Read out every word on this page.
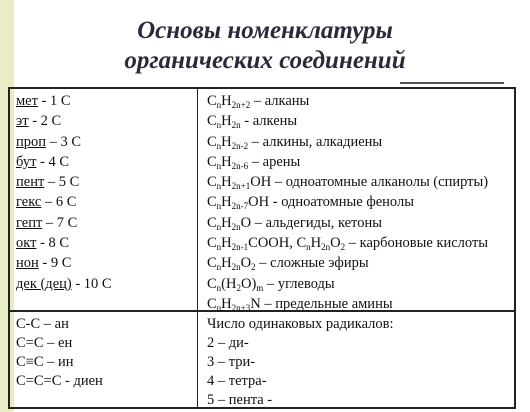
Основы номенклатуры
органических соединений
мет - 1 С
эт - 2 С
проп – 3 С
бут - 4 С
пент – 5 С
гекс – 6 С
гепт – 7 С
окт - 8 С
нон - 9 С
дек (дец) - 10 С
$C_nH_{2n+2}$ – алканы
$C_nH_{2n}$ - алкены
$C_nH_{2n-2}$ – алкины, алкадиены
$C_nH_{2n-6}$ – арены
$C_nH_{2n+1}OH$ – одноатомные алканолы (спирты)
$C_nH_{2n-7}OH$ - одноатомные фенолы
$C_nH_{2n}O$ – альдегиды, кетоны
$C_nH_{2n-1}COOH$, $C_nH_{2n}O_2$ – карбоновые кислоты
$C_nH_{2n}O_2$ – сложные эфиры
$C_n(H_2O)_m$ – углеводы
$C_nH_{2n+3}N$ – предельные амины
С-С – ан
С=С – ен
С≡С – ин
С=С=С - диен
Число одинаковых радикалов:
2 – ди-
3 – три-
4 – тетра-
5 – пента -
